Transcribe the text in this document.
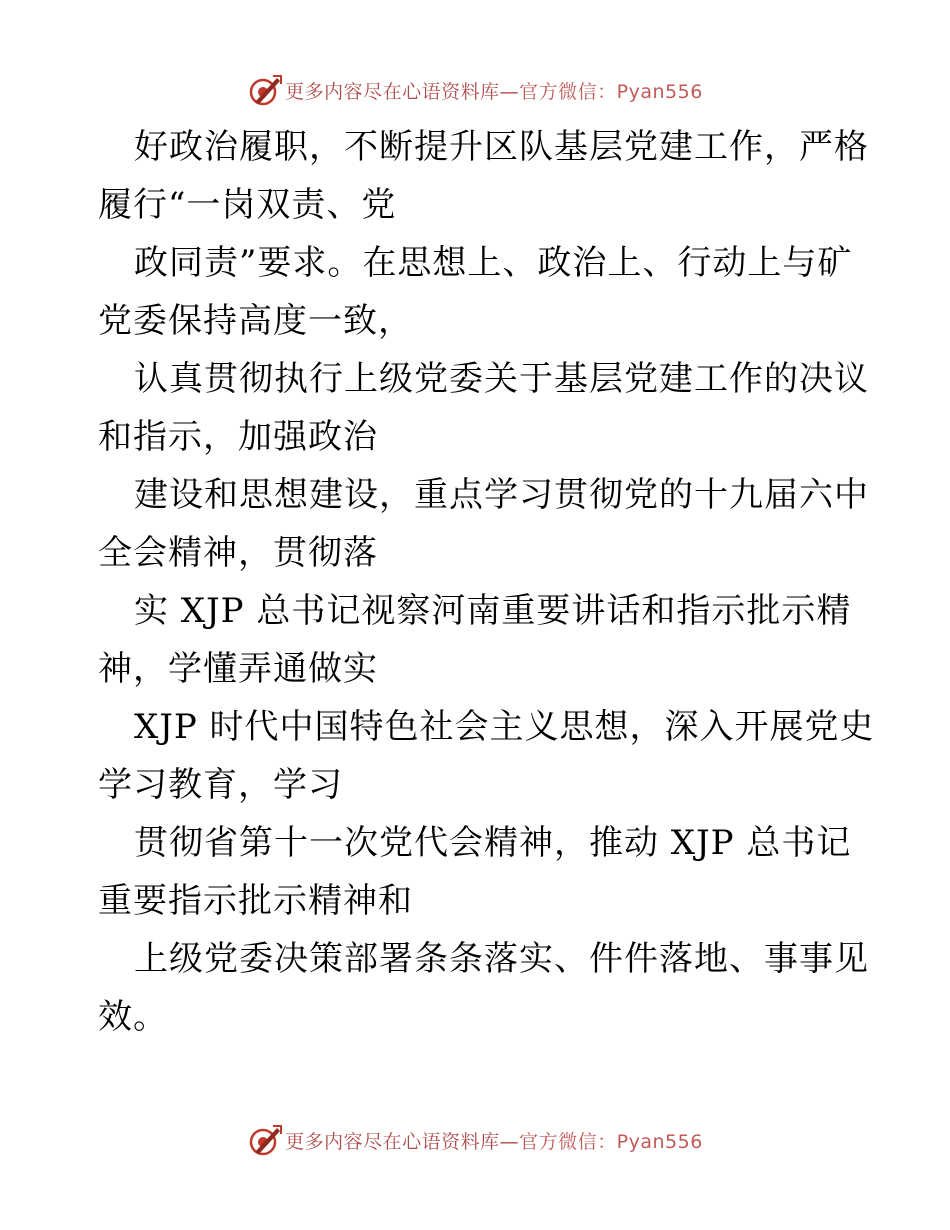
更多内容尽在心语资料库—官方微信：Pyan556
好政治履职，不断提升区队基层党建工作，严格
履行“一岗双责、党
政同责”要求。在思想上、政治上、行动上与矿
党委保持高度一致，
认真贯彻执行上级党委关于基层党建工作的决议
和指示，加强政治
建设和思想建设，重点学习贯彻党的十九届六中
全会精神，贯彻落
实 XJP 总书记视察河南重要讲话和指示批示精
神，学懂弄通做实
XJP 时代中国特色社会主义思想，深入开展党史
学习教育，学习
贯彻省第十一次党代会精神，推动 XJP 总书记
重要指示批示精神和
上级党委决策部署条条落实、件件落地、事事见
效。
更多内容尽在心语资料库—官方微信：Pyan556
